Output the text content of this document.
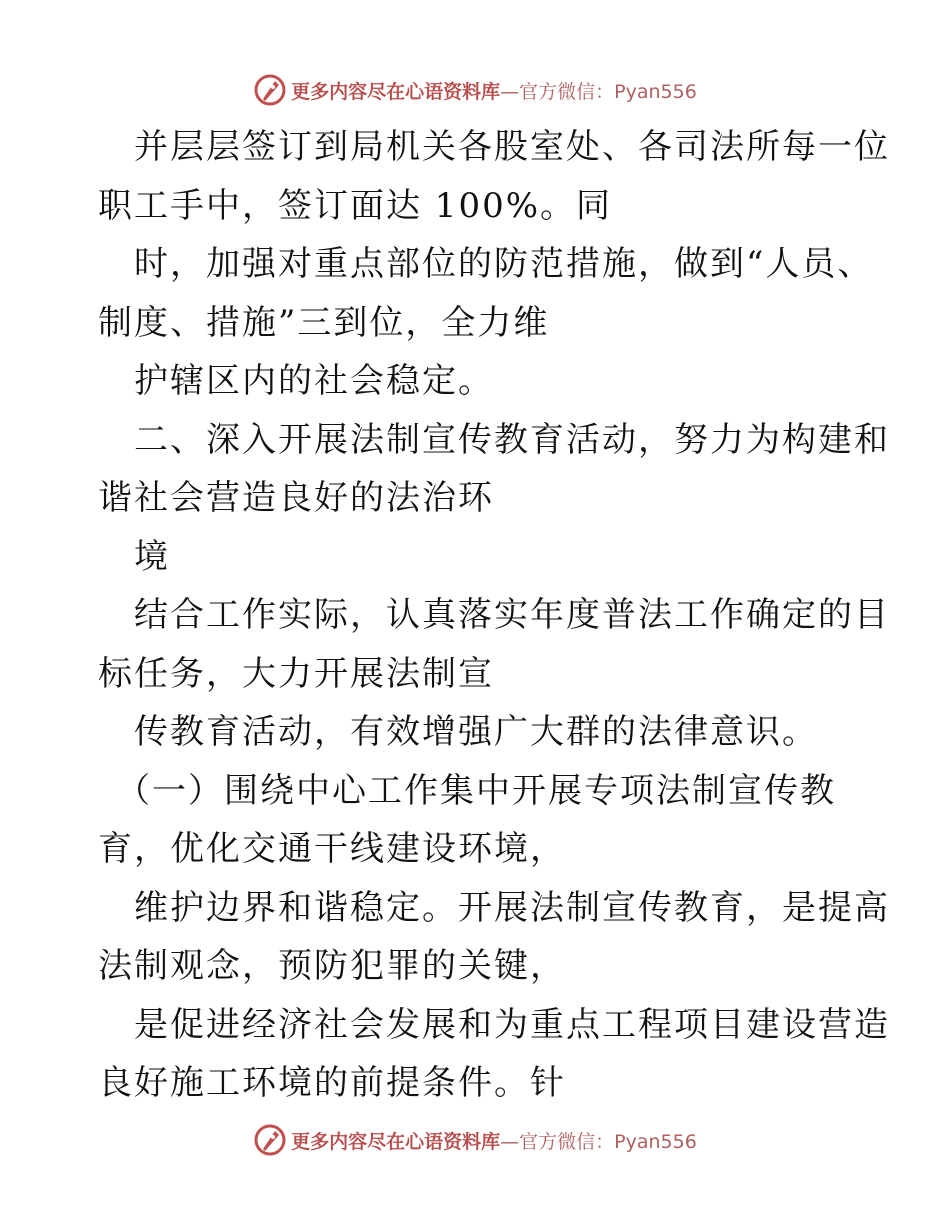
更多内容尽在心语资料库 —官方微信：Pyan556
并层层签订到局机关各股室处、各司法所每一位
职工手中，签订面达 100%。同
时，加强对重点部位的防范措施，做到“人员、
制度、措施”三到位，全力维
护辖区内的社会稳定。
二、深入开展法制宣传教育活动，努力为构建和
谐社会营造良好的法治环
境
结合工作实际，认真落实年度普法工作确定的目
标任务，大力开展法制宣
传教育活动，有效增强广大群的法律意识。
（一）围绕中心工作集中开展专项法制宣传教
育，优化交通干线建设环境，
维护边界和谐稳定。开展法制宣传教育，是提高
法制观念，预防犯罪的关键，
是促进经济社会发展和为重点工程项目建设营造
良好施工环境的前提条件。针
更多内容尽在心语资料库 —官方微信：Pyan556
